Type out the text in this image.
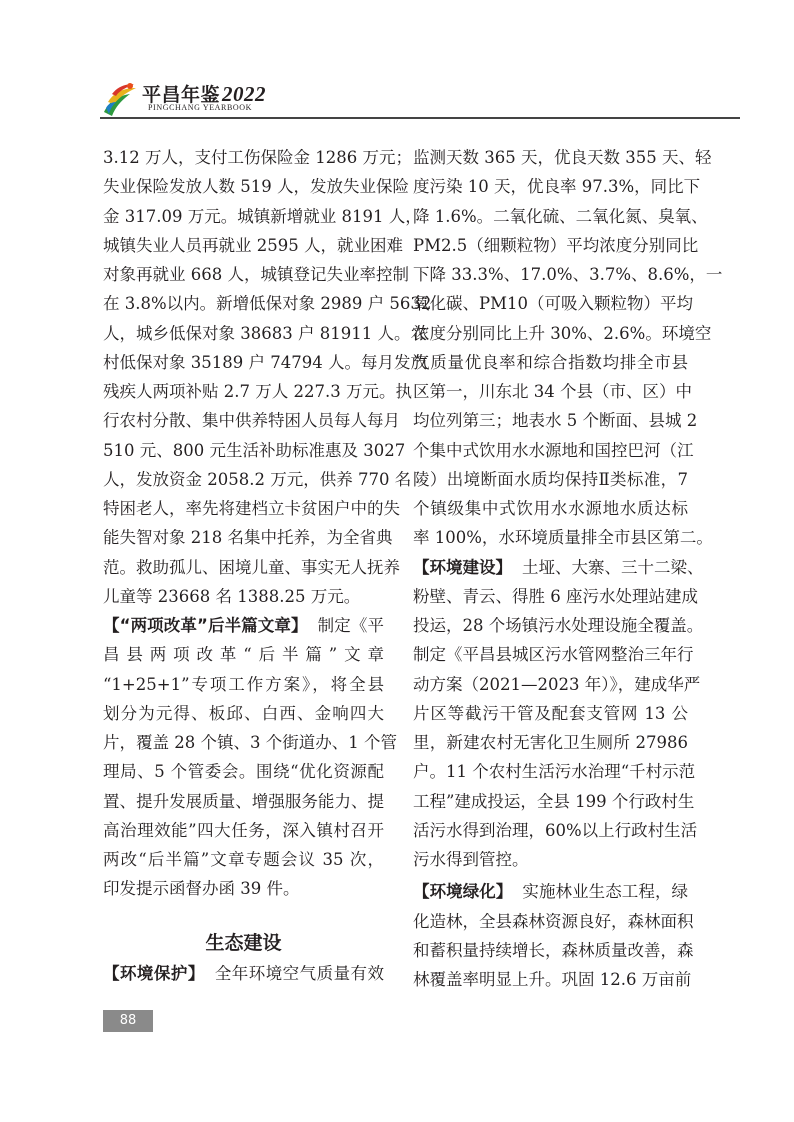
平昌年鉴2022
PINGCHANG YEARBOOK
3.12 万人，支付工伤保险金 1286 万元；
失业保险发放人数 519 人，发放失业保险
金 317.09 万元。城镇新增就业 8191 人，
城镇失业人员再就业 2595 人，就业困难
对象再就业 668 人，城镇登记失业率控制
在 3.8%以内。新增低保对象 2989 户 5632
人，城乡低保对象 38683 户 81911 人。农
村低保对象 35189 户 74794 人。每月发放
残疾人两项补贴 2.7 万人 227.3 万元。执
行农村分散、集中供养特困人员每人每月
510 元、800 元生活补助标准惠及 3027
人，发放资金 2058.2 万元，供养 770 名
特困老人，率先将建档立卡贫困户中的失
能失智对象 218 名集中托养，为全省典
范。救助孤儿、困境儿童、事实无人抚养
儿童等 23668 名 1388.25 万元。
【“两项改革”后半篇文章】 制定《平
昌县两项改革“后半篇”文章
“1+25+1”专项工作方案》，将全县
划分为元得、板邱、白西、金响四大
片，覆盖 28 个镇、3 个街道办、1 个管
理局、5 个管委会。围绕“优化资源配
置、提升发展质量、增强服务能力、提
高治理效能”四大任务，深入镇村召开
两改“后半篇”文章专题会议 35 次，
印发提示函督办函 39 件。
生态建设
【环境保护】 全年环境空气质量有效
监测天数 365 天，优良天数 355 天、轻
度污染 10 天，优良率 97.3%，同比下
降 1.6%。二氧化硫、二氧化氮、臭氧、
PM2.5（细颗粒物）平均浓度分别同比
下降 33.3%、17.0%、3.7%、8.6%，一
氧化碳、PM10（可吸入颗粒物）平均
浓度分别同比上升 30%、2.6%。环境空
气质量优良率和综合指数均排全市县
区第一，川东北 34 个县（市、区）中
均位列第三；地表水 5 个断面、县城 2
个集中式饮用水水源地和国控巴河（江
陵）出境断面水质均保持Ⅱ类标准，7
个镇级集中式饮用水水源地水质达标
率 100%，水环境质量排全市县区第二。
【环境建设】 土垭、大寨、三十二梁、
粉壁、青云、得胜 6 座污水处理站建成
投运，28 个场镇污水处理设施全覆盖。
制定《平昌县城区污水管网整治三年行
动方案（2021—2023 年）》，建成华严
片区等截污干管及配套支管网 13 公
里，新建农村无害化卫生厕所 27986
户。11 个农村生活污水治理“千村示范
工程”建成投运，全县 199 个行政村生
活污水得到治理，60%以上行政村生活
污水得到管控。
【环境绿化】 实施林业生态工程，绿
化造林，全县森林资源良好，森林面积
和蓄积量持续增长，森林质量改善，森
林覆盖率明显上升。巩固 12.6 万亩前
88
